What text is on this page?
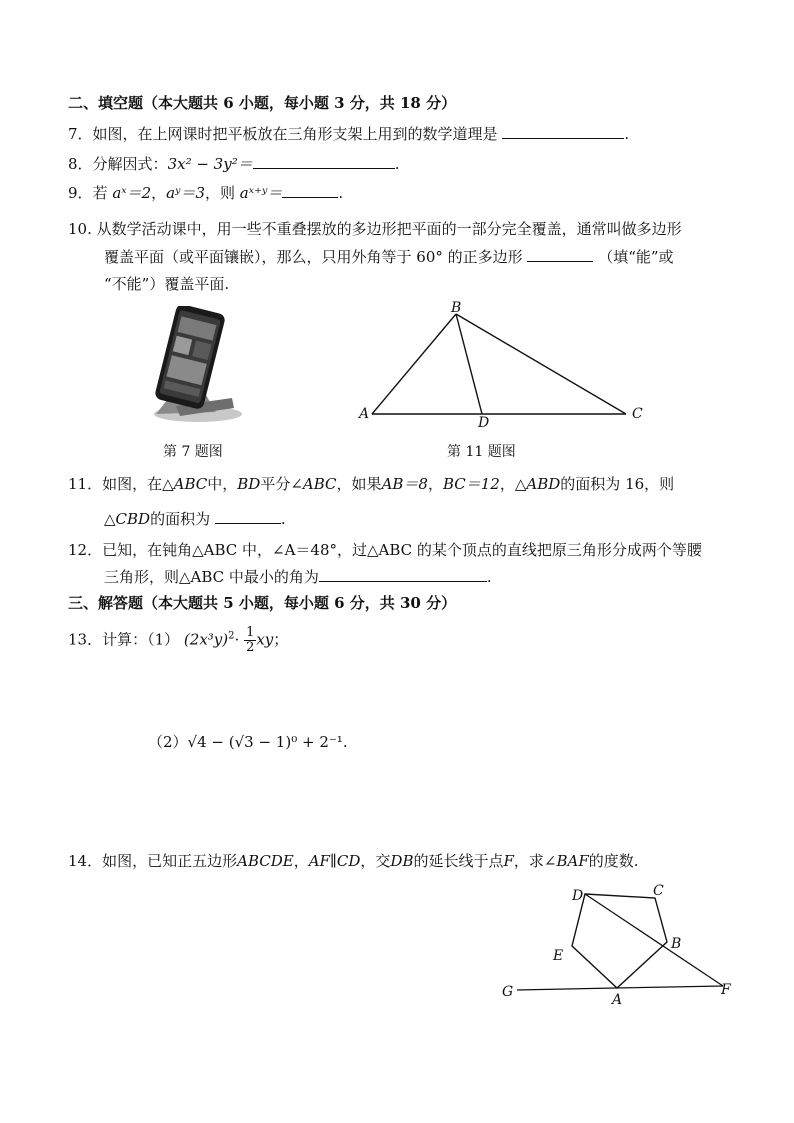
二、填空题（本大题共 6 小题，每小题 3 分，共 18 分）
7．如图，在上网课时把平板放在三角形支架上用到的数学道理是	.
8．分解因式：3x² − 3y²＝	.
9．若 aˣ＝2，aʸ＝3，则 aˣ⁺ʸ＝	.
10. 从数学活动课中，用一些不重叠摆放的多边形把平面的一部分完全覆盖，通常叫做多边形
覆盖平面（或平面镶嵌），那么，只用外角等于 60° 的正多边形	（填“能”或
“不能”）覆盖平面.
第 7 题图
B
A
D
C
第 11 题图
11．如图，在△ABC中，BD平分∠ABC，如果AB＝8，BC＝12，△ABD的面积为 16，则
△CBD的面积为	.
12．已知，在钝角△ABC 中，∠A＝48°，过△ABC 的某个顶点的直线把原三角形分成两个等腰
三角形，则△ABC 中最小的角为	.
三、解答题（本大题共 5 小题，每小题 6 分，共 30 分）
13．计算：（1） $(2x^3y)^2\cdot \frac{1}{2}$ xy；
（2）√4 − (√3 − 1)⁰ + 2⁻¹.
14．如图，已知正五边形ABCDE，AF∥CD，交DB的延长线于点F，求∠BAF的度数.
D	C
B
E
A
G	F
